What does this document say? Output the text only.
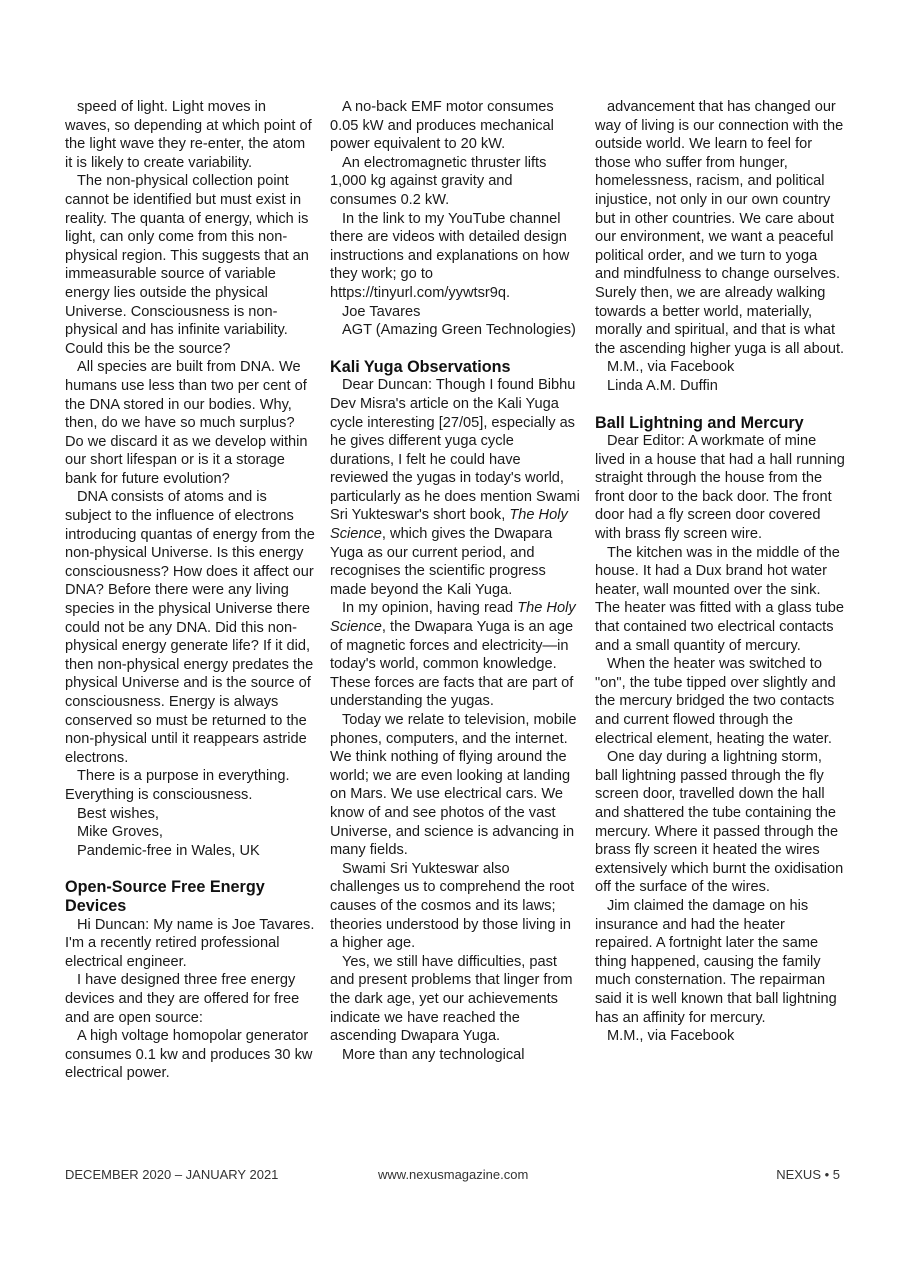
speed of light. Light moves in waves, so depending at which point of the light wave they re-enter, the atom it is likely to create variability.

The non-physical collection point cannot be identified but must exist in reality. The quanta of energy, which is light, can only come from this non-physical region. This suggests that an immeasurable source of variable energy lies outside the physical Universe. Consciousness is non-physical and has infinite variability. Could this be the source?

All species are built from DNA. We humans use less than two per cent of the DNA stored in our bodies. Why, then, do we have so much surplus? Do we discard it as we develop within our short lifespan or is it a storage bank for future evolution?

DNA consists of atoms and is subject to the influence of electrons introducing quantas of energy from the non-physical Universe. Is this energy consciousness? How does it affect our DNA? Before there were any living species in the physical Universe there could not be any DNA. Did this non-physical energy generate life? If it did, then non-physical energy predates the physical Universe and is the source of consciousness. Energy is always conserved so must be returned to the non-physical until it reappears astride electrons.

There is a purpose in everything. Everything is consciousness.

Best wishes,

Mike Groves,

Pandemic-free in Wales, UK

Open-Source Free Energy Devices

Hi Duncan: My name is Joe Tavares. I'm a recently retired professional electrical engineer.

I have designed three free energy devices and they are offered for free and are open source:

A high voltage homopolar generator consumes 0.1 kw and produces 30 kw electrical power.

A no-back EMF motor consumes 0.05 kW and produces mechanical power equivalent to 20 kW.

An electromagnetic thruster lifts 1,000 kg against gravity and consumes 0.2 kW.

In the link to my YouTube channel there are videos with detailed design instructions and explanations on how they work; go to https://tinyurl.com/yywtsr9q.

Joe Tavares

AGT (Amazing Green Technologies)

Kali Yuga Observations

Dear Duncan: Though I found Bibhu Dev Misra's article on the Kali Yuga cycle interesting [27/05], especially as he gives different yuga cycle durations, I felt he could have reviewed the yugas in today's world, particularly as he does mention Swami Sri Yukteswar's short book, The Holy Science, which gives the Dwapara Yuga as our current period, and recognises the scientific progress made beyond the Kali Yuga.

In my opinion, having read The Holy Science, the Dwapara Yuga is an age of magnetic forces and electricity—in today's world, common knowledge. These forces are facts that are part of understanding the yugas.

Today we relate to television, mobile phones, computers, and the internet. We think nothing of flying around the world; we are even looking at landing on Mars. We use electrical cars. We know of and see photos of the vast Universe, and science is advancing in many fields.

Swami Sri Yukteswar also challenges us to comprehend the root causes of the cosmos and its laws; theories understood by those living in a higher age.

Yes, we still have difficulties, past and present problems that linger from the dark age, yet our achievements indicate we have reached the ascending Dwapara Yuga.

More than any technological

advancement that has changed our way of living is our connection with the outside world. We learn to feel for those who suffer from hunger, homelessness, racism, and political injustice, not only in our own country but in other countries. We care about our environment, we want a peaceful political order, and we turn to yoga and mindfulness to change ourselves. Surely then, we are already walking towards a better world, materially, morally and spiritual, and that is what the ascending higher yuga is all about.

M.M., via Facebook

Linda A.M. Duffin

Ball Lightning and Mercury

Dear Editor: A workmate of mine lived in a house that had a hall running straight through the house from the front door to the back door. The front door had a fly screen door covered with brass fly screen wire.

The kitchen was in the middle of the house. It had a Dux brand hot water heater, wall mounted over the sink. The heater was fitted with a glass tube that contained two electrical contacts and a small quantity of mercury.

When the heater was switched to "on", the tube tipped over slightly and the mercury bridged the two contacts and current flowed through the electrical element, heating the water.

One day during a lightning storm, ball lightning passed through the fly screen door, travelled down the hall and shattered the tube containing the mercury. Where it passed through the brass fly screen it heated the wires extensively which burnt the oxidisation off the surface of the wires.

Jim claimed the damage on his insurance and had the heater repaired. A fortnight later the same thing happened, causing the family much consternation. The repairman said it is well known that ball lightning has an affinity for mercury.

M.M., via Facebook

DECEMBER 2020 – JANUARY 2021	www.nexusmagazine.com	NEXUS • 5
